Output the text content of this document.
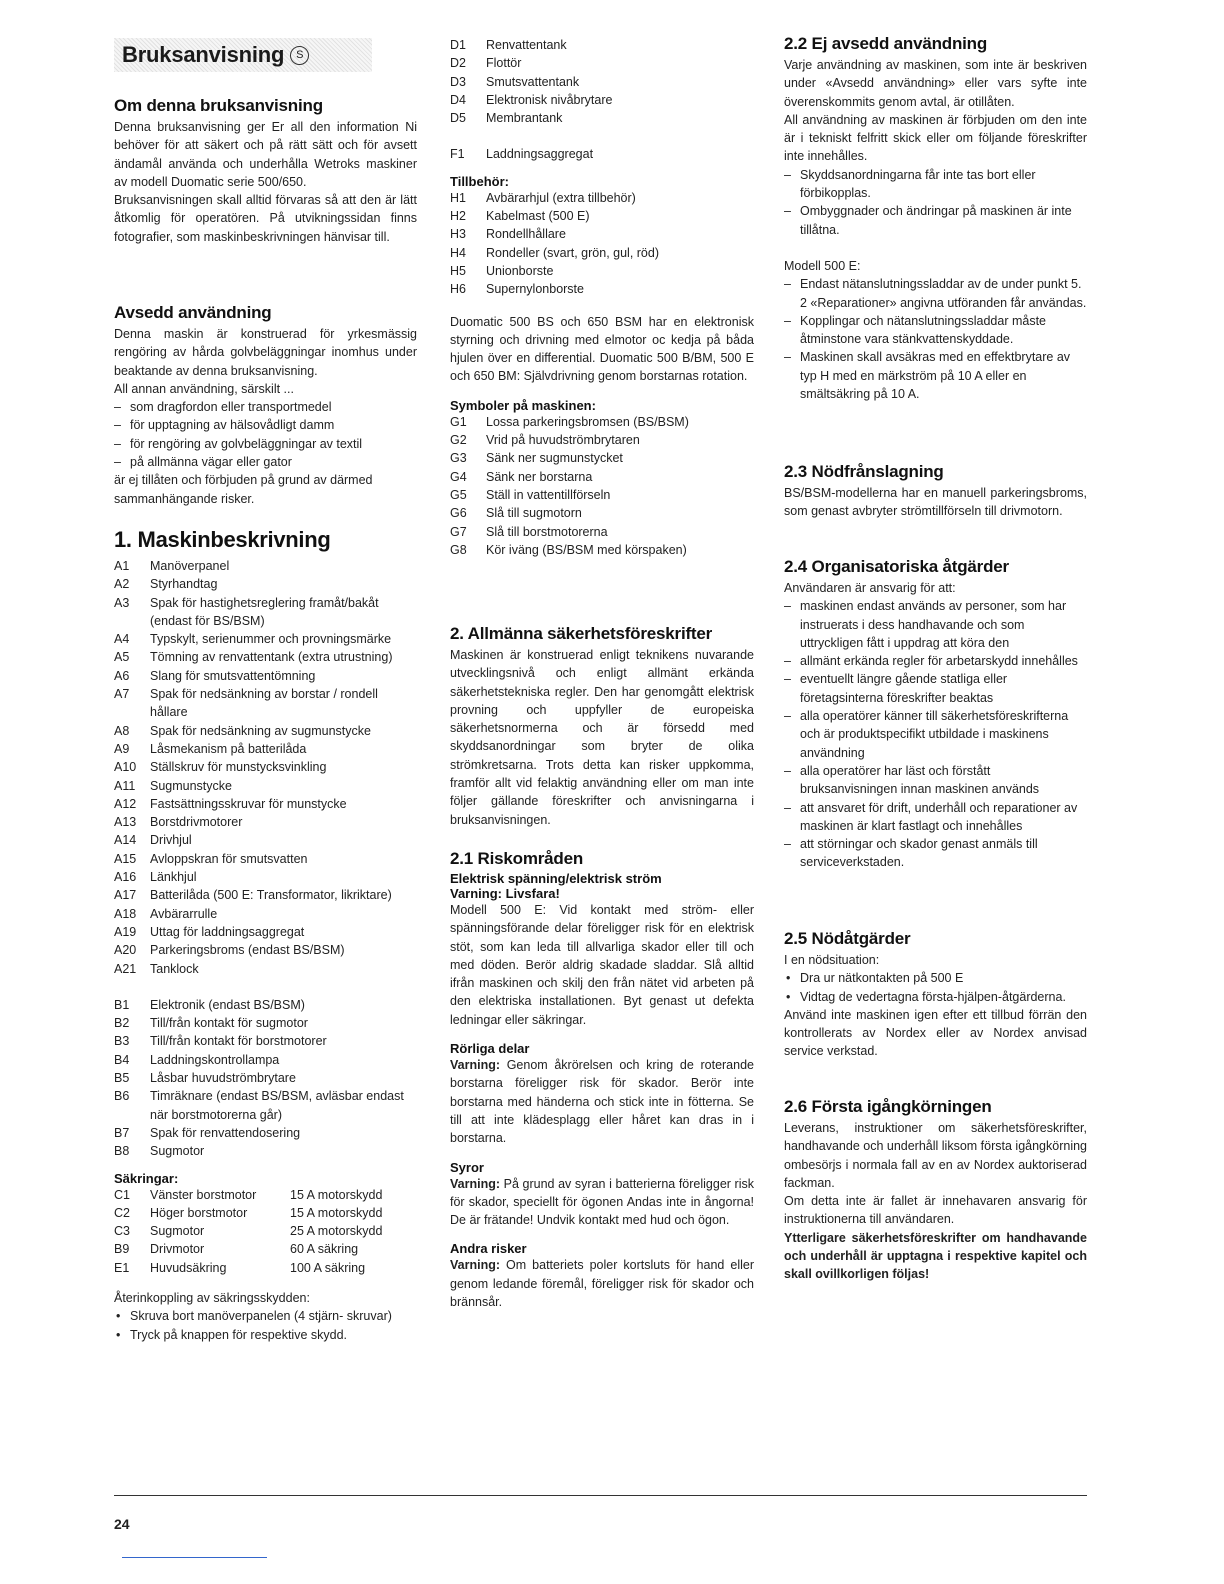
Bruksanvisning	S
Om denna bruksanvisning

Denna bruksanvisning ger Er all den information Ni behöver för att säkert och på rätt sätt och för avsett ändamål använda och underhålla Wetroks maskiner av modell Duomatic serie 500/650.

Bruksanvisningen skall alltid förvaras så att den är lätt åtkomlig för operatören. På utvikningssidan finns fotografier, som maskinbeskrivningen hänvisar till.

Avsedd användning

Denna maskin är konstruerad för yrkesmässig rengöring av hårda golvbeläggningar inomhus under beaktande av denna bruksanvisning.

All annan användning, särskilt ...

– som dragfordon eller transportmedel
– för upptagning av hälsovådligt damm
– för rengöring av golvbeläggningar av textil
– på allmänna vägar eller gator

är ej tillåten och förbjuden på grund av därmed sammanhängande risker.

1. Maskinbeskrivning
A1	Manöverpanel
A2	Styrhandtag
A3	Spak för hastighetsreglering framåt/bakåt (endast för BS/BSM)
A4	Typskylt, serienummer och provningsmärke
A5	Tömning av renvattentank (extra utrustning)
A6	Slang för smutsvattentömning
A7	Spak för nedsänkning av borstar / rondell hållare
A8	Spak för nedsänkning av sugmunstycke
A9	Låsmekanism på batterilåda
A10	Ställskruv för munstycksvinkling
A11	Sugmunstycke
A12	Fastsättningsskruvar för munstycke
A13	Borstdrivmotorer
A14	Drivhjul
A15	Avloppskran för smutsvatten
A16	Länkhjul
A17	Batterilåda (500 E: Transformator, likriktare)
A18	Avbärarrulle
A19	Uttag för laddningsaggregat
A20	Parkeringsbroms (endast BS/BSM)
A21	Tanklock
B1	Elektronik (endast BS/BSM)
B2	Till/från kontakt för sugmotor
B3	Till/från kontakt för borstmotorer
B4	Laddningskontrollampa
B5	Låsbar huvudströmbrytare
B6	Timräknare (endast BS/BSM, avläsbar endast när borstmotorerna går)
B7	Spak för renvattendosering
B8	Sugmotor
Säkringar:
C1	Vänster borstmotor	15 A motorskydd
C2	Höger borstmotor	15 A motorskydd
C3	Sugmotor	25 A motorskydd
B9	Drivmotor	60 A säkring
E1	Huvudsäkring	100 A säkring

Återinkoppling av säkringsskydden:

• Skruva bort manöverpanelen (4 stjärn- skruvar)
• Tryck på knappen för respektive skydd.
D1	Renvattentank
D2	Flottör
D3	Smutsvattentank
D4	Elektronisk nivåbrytare
D5	Membrantank
F1	Laddningsaggregat
Tillbehör:
H1	Avbärarhjul (extra tillbehör)
H2	Kabelmast (500 E)
H3	Rondellhållare
H4	Rondeller (svart, grön, gul, röd)
H5	Unionborste
H6	Supernylonborste

Duomatic 500 BS och 650 BSM har en elektronisk styrning och drivning med elmotor oc kedja på båda hjulen över en differential. Duomatic 500 B/BM, 500 E och 650 BM: Självdrivning genom borstarnas rotation.

Symboler på maskinen:
G1	Lossa parkeringsbromsen (BS/BSM)
G2	Vrid på huvudströmbrytaren
G3	Sänk ner sugmunstycket
G4	Sänk ner borstarna
G5	Ställ in vattentillförseln
G6	Slå till sugmotorn
G7	Slå till borstmotorerna
G8	Kör iväng (BS/BSM med körspaken)
2. Allmänna säkerhetsföreskrifter

Maskinen är konstruerad enligt teknikens nuvarande utvecklingsnivå och enligt allmänt erkända säkerhetstekniska regler. Den har genomgått elektrisk provning och uppfyller de europeiska säkerhetsnormerna och är försedd med skyddsanordningar som bryter de olika strömkretsarna. Trots detta kan risker uppkomma, framför allt vid felaktig användning eller om man inte följer gällande föreskrifter och anvisningarna i bruksanvisningen.

2.1 Riskområden
Elektrisk spänning/elektrisk ström
Varning: Livsfara!

Modell 500 E: Vid kontakt med ström- eller spänningsförande delar föreligger risk för en elektrisk stöt, som kan leda till allvarliga skador eller till och med döden. Berör aldrig skadade sladdar. Slå alltid ifrån maskinen och skilj den från nätet vid arbeten på den elektriska installationen. Byt genast ut defekta ledningar eller säkringar.

Rörliga delar

Varning: Genom åkrörelsen och kring de roterande borstarna föreligger risk för skador. Berör inte borstarna med händerna och stick inte in fötterna. Se till att inte klädesplagg eller håret kan dras in i borstarna.

Syror

Varning: På grund av syran i batterierna föreligger risk för skador, speciellt för ögonen Andas inte in ångorna! De är frätande! Undvik kontakt med hud och ögon.

Andra risker

Varning: Om batteriets poler kortsluts för hand eller genom ledande föremål, föreligger risk för skador och brännsår.

2.2 Ej avsedd användning

Varje användning av maskinen, som inte är beskriven under «Avsedd användning» eller vars syfte inte överenskommits genom avtal, är otillåten.

All användning av maskinen är förbjuden om den inte är i tekniskt felfritt skick eller om följande föreskrifter inte innehålles.

– Skyddsanordningarna får inte tas bort eller förbikopplas.
– Ombyggnader och ändringar på maskinen är inte tillåtna.

Modell 500 E:

– Endast nätanslutningssladdar av de under punkt 5. 2 «Reparationer» angivna utföranden får användas.
– Kopplingar och nätanslutningssladdar måste åtminstone vara stänkvattenskyddade.
– Maskinen skall avsäkras med en effektbrytare av typ H med en märkström på 10 A eller en smältsäkring på 10 A.
2.3 Nödfrånslagning

BS/BSM-modellerna har en manuell parkeringsbroms, som genast avbryter strömtillförseln till drivmotorn.

2.4 Organisatoriska åtgärder

Användaren är ansvarig för att:

– maskinen endast används av personer, som har instruerats i dess handhavande och som uttryckligen fått i uppdrag att köra den
– allmänt erkända regler för arbetarskydd innehålles
– eventuellt längre gående statliga eller företagsinterna föreskrifter beaktas
– alla operatörer känner till säkerhetsföreskrifterna och är produktspecifikt utbildade i maskinens användning
– alla operatörer har läst och förstått bruksanvisningen innan maskinen används
– att ansvaret för drift, underhåll och reparationer av maskinen är klart fastlagt och innehålles
– att störningar och skador genast anmäls till serviceverkstaden.
2.5 Nödåtgärder

I en nödsituation:

• Dra ur nätkontakten på 500 E
• Vidtag de vedertagna första-hjälpen-åtgärderna.

Använd inte maskinen igen efter ett tillbud förrän den kontrollerats av Nordex eller av Nordex anvisad service verkstad.

2.6 Första igångkörningen

Leverans, instruktioner om säkerhetsföreskrifter, handhavande och underhåll liksom första igångkörning ombesörjs i normala fall av en av Nordex auktoriserad fackman.

Om detta inte är fallet är innehavaren ansvarig för instruktionerna till användaren.

Ytterligare säkerhetsföreskrifter om handhavande och underhåll är upptagna i respektive kapitel och skall ovillkorligen följas!

24
